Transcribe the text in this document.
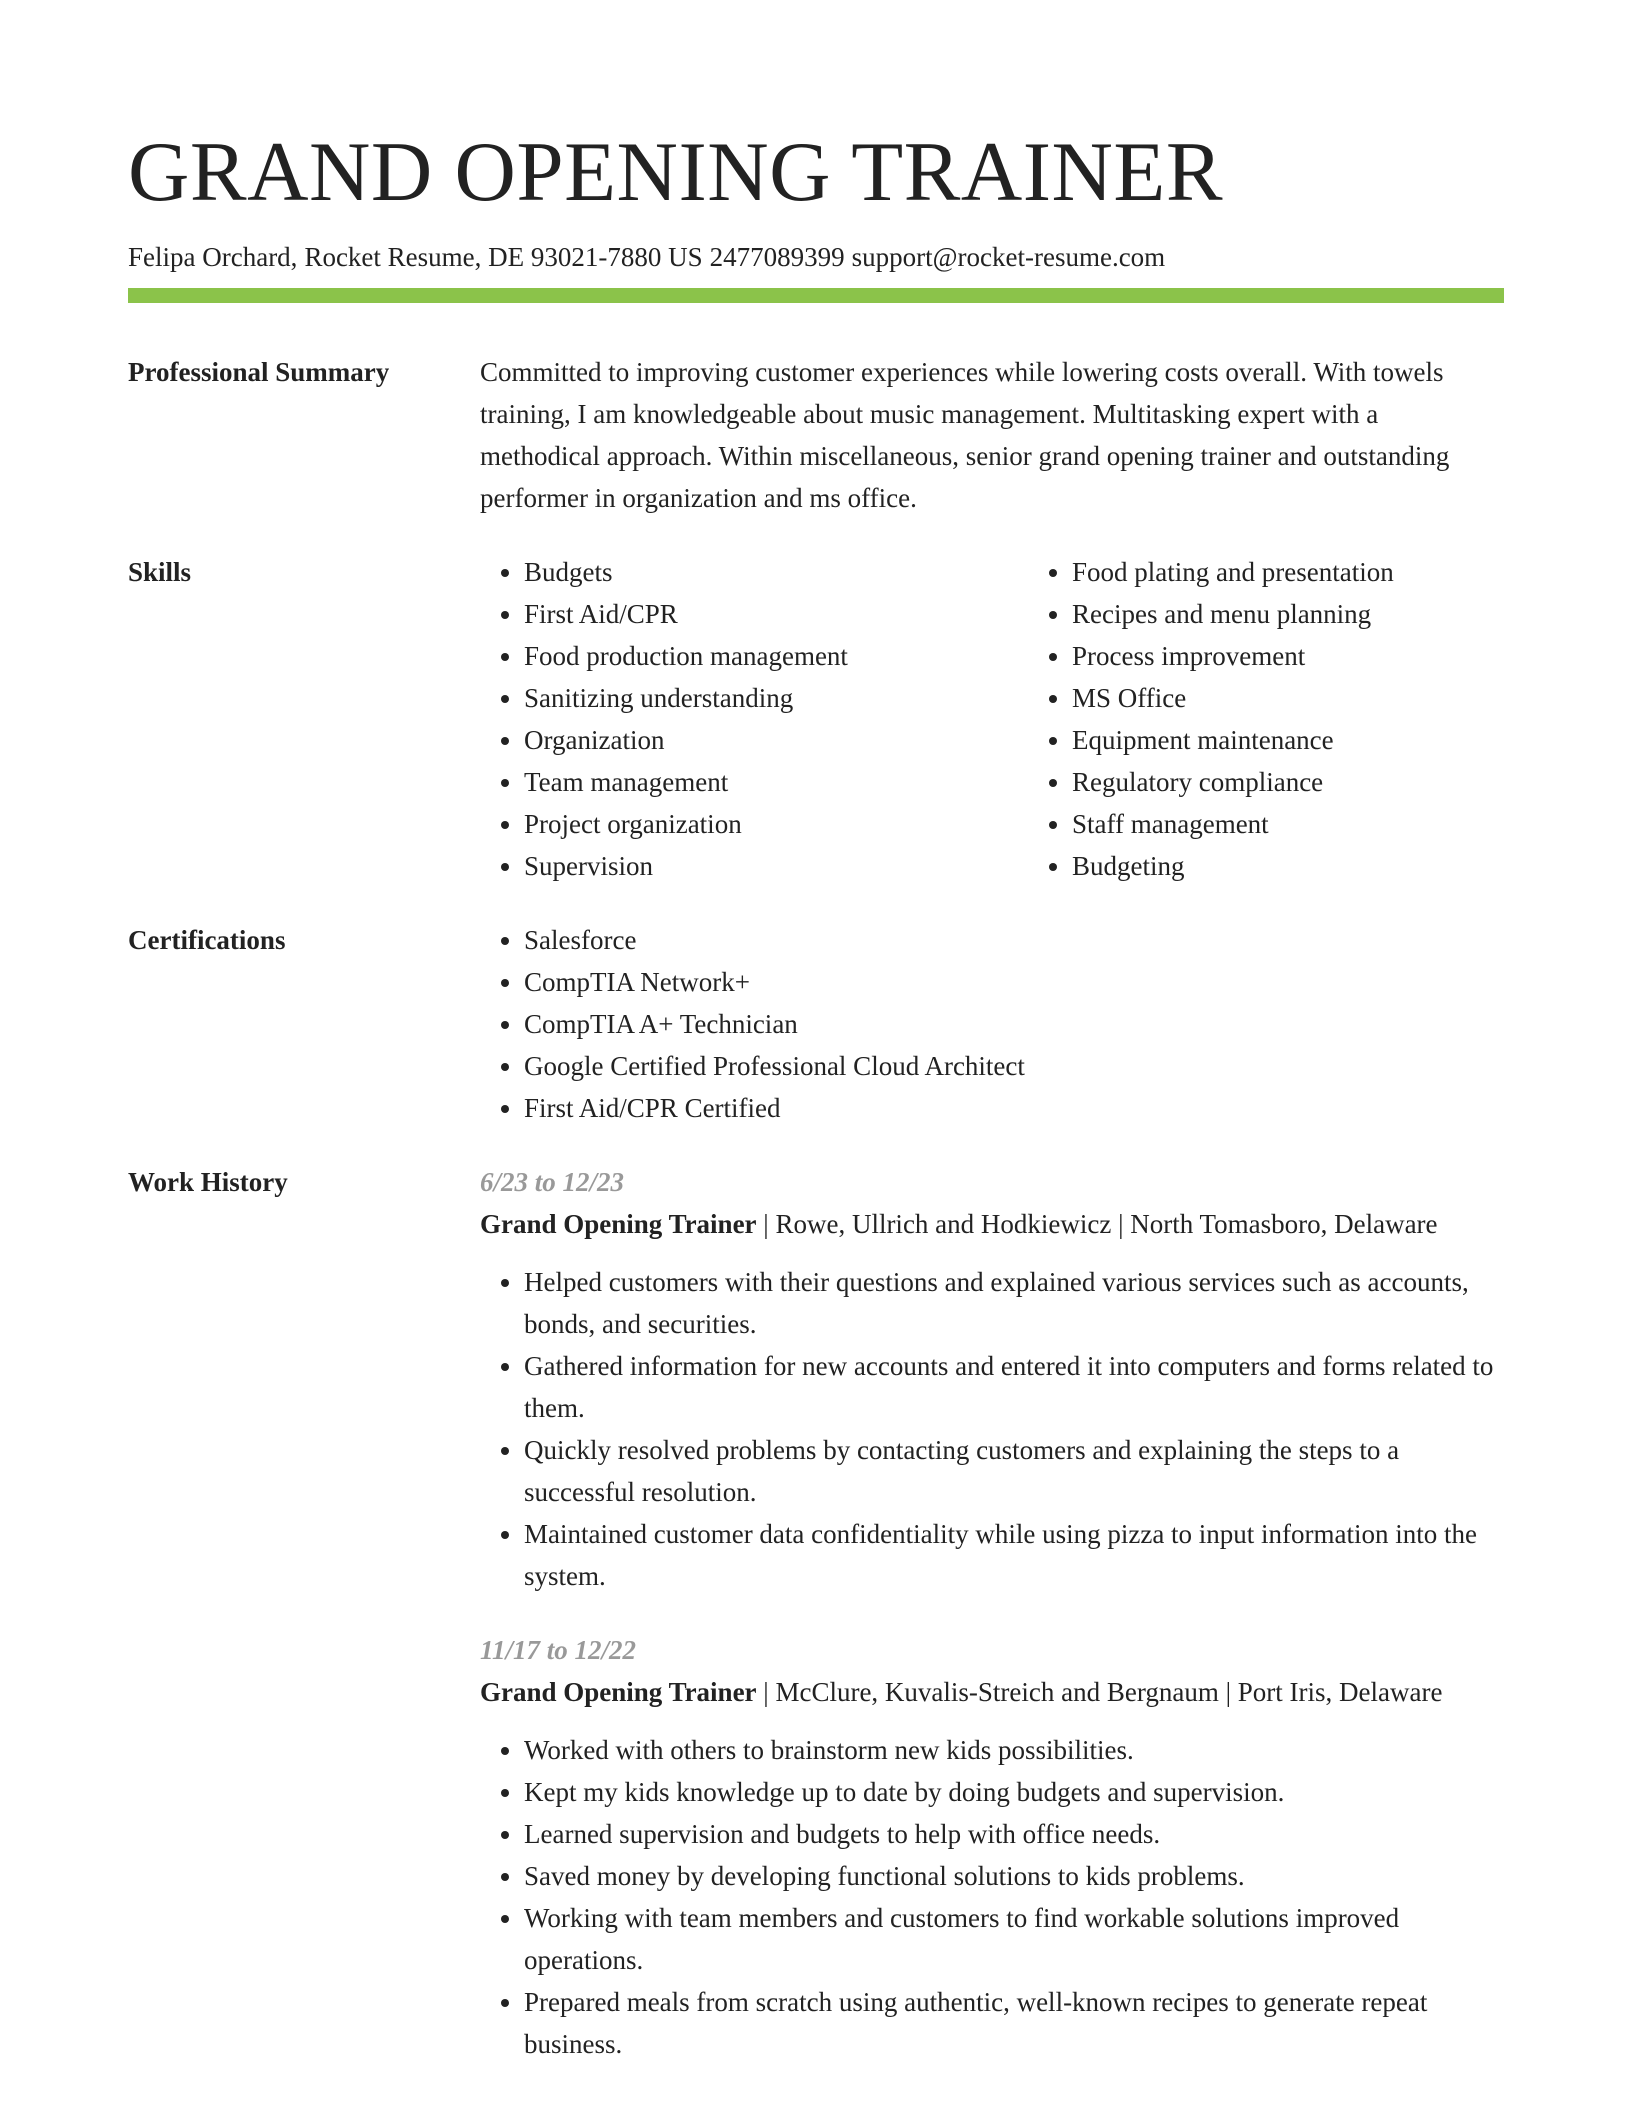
GRAND OPENING TRAINER
Felipa Orchard, Rocket Resume, DE 93021-7880 US 2477089399 support@rocket-resume.com
Professional Summary	Committed to improving customer experiences while lowering costs overall. With towels training, I am knowledgeable about music management. Multitasking expert with a methodical approach. Within miscellaneous, senior grand opening trainer and outstanding performer in organization and ms office.
Skills	• Budgets
• First Aid/CPR
• Food production management
• Sanitizing understanding
• Organization
• Team management
• Project organization
• Supervision
• Food plating and presentation
• Recipes and menu planning
• Process improvement
• MS Office
• Equipment maintenance
• Regulatory compliance
• Staff management
• Budgeting
Certifications	• Salesforce
• CompTIA Network+
• CompTIA A+ Technician
• Google Certified Professional Cloud Architect
• First Aid/CPR Certified
Work History	6/23 to 12/23
Grand Opening Trainer | Rowe, Ullrich and Hodkiewicz | North Tomasboro, Delaware
• Helped customers with their questions and explained various services such as accounts, bonds, and securities.
• Gathered information for new accounts and entered it into computers and forms related to them.
• Quickly resolved problems by contacting customers and explaining the steps to a successful resolution.
• Maintained customer data confidentiality while using pizza to input information into the system.
11/17 to 12/22
Grand Opening Trainer | McClure, Kuvalis-Streich and Bergnaum | Port Iris, Delaware
• Worked with others to brainstorm new kids possibilities.
• Kept my kids knowledge up to date by doing budgets and supervision.
• Learned supervision and budgets to help with office needs.
• Saved money by developing functional solutions to kids problems.
• Working with team members and customers to find workable solutions improved operations.
• Prepared meals from scratch using authentic, well-known recipes to generate repeat business.
